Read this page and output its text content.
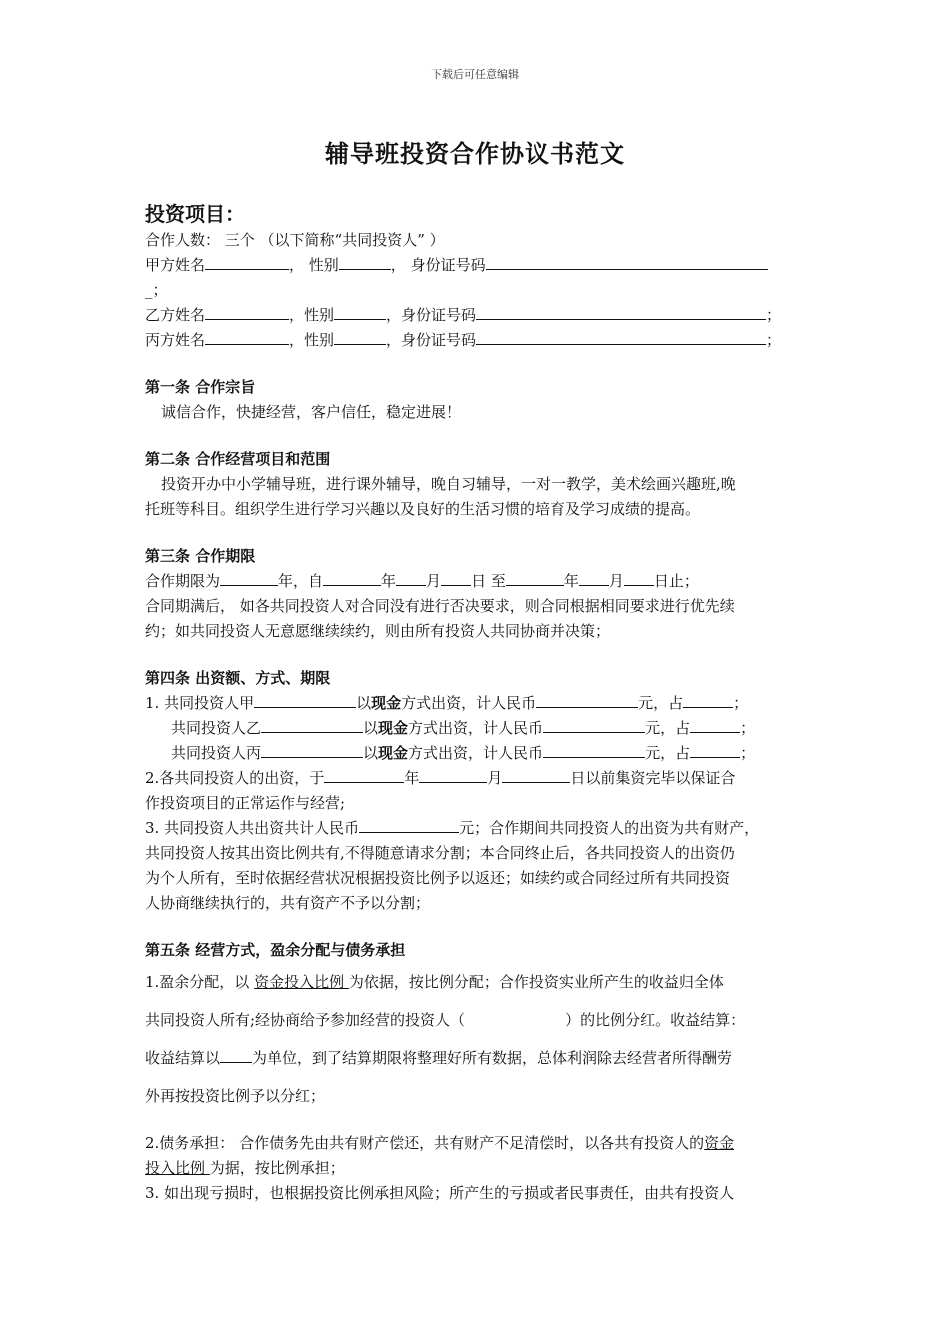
下载后可任意编辑
辅导班投资合作协议书范文
投资项目：
合作人数： 三个 （以下简称“共同投资人” ）
甲方姓名	， 性别	， 身份证号码
_；
乙方姓名	，性别	，身份证号码	；
丙方姓名	，性别	，身份证号码	；
第一条 合作宗旨
诚信合作，快捷经营，客户信任，稳定进展！
第二条 合作经营项目和范围
投资开办中小学辅导班，进行课外辅导，晚自习辅导，一对一教学，美术绘画兴趣班,晚
托班等科目。组织学生进行学习兴趣以及良好的生活习惯的培育及学习成绩的提高。
第三条 合作期限
合作期限为	年，自	年 月 日 至	年 月 日止；
合同期满后， 如各共同投资人对合同没有进行否决要求，则合同根据相同要求进行优先续
约；如共同投资人无意愿继续续约，则由所有投资人共同协商并决策；
第四条 出资额、方式、期限
1. 共同投资人甲	以现金方式出资，计人民币	元，占	；
共同投资人乙	以现金方式出资，计人民币	元，占	；
共同投资人丙	以现金方式出资，计人民币	元，占	；
2.各共同投资人的出资，于	年	月	日以前集资完毕以保证合
作投资项目的正常运作与经营;
3. 共同投资人共出资共计人民币	元；合作期间共同投资人的出资为共有财产，
共同投资人按其出资比例共有,不得随意请求分割；本合同终止后，各共同投资人的出资仍
为个人所有，至时依据经营状况根据投资比例予以返还；如续约或合同经过所有共同投资
人协商继续执行的，共有资产不予以分割；
第五条 经营方式，盈余分配与债务承担
1.盈余分配，以 资金投入比例 为依据，按比例分配；合作投资实业所产生的收益归全体
共同投资人所有;经协商给予参加经营的投资人（	）的比例分红。收益结算：
收益结算以 为单位，到了结算期限将整理好所有数据，总体利润除去经营者所得酬劳
外再按投资比例予以分红；
2.债务承担： 合作债务先由共有财产偿还，共有财产不足清偿时，以各共有投资人的资金
投入比例 为据，按比例承担；
3. 如出现亏损时，也根据投资比例承担风险；所产生的亏损或者民事责任，由共有投资人
